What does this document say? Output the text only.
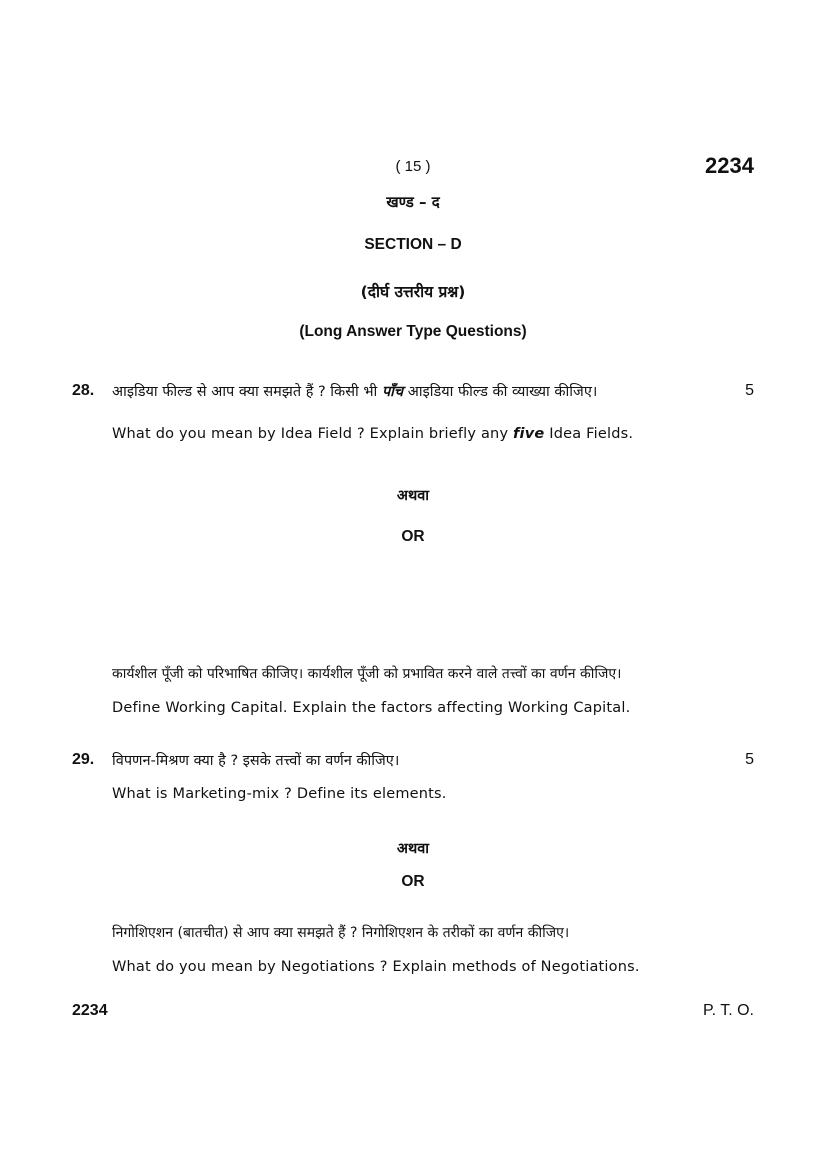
( 15 )	2234
खण्ड – द
SECTION – D
(दीर्घ उत्तरीय प्रश्न)
(Long Answer Type Questions)
28. आइडिया फील्ड से आप क्या समझते हैं ? किसी भी पाँच आइडिया फील्ड की व्याख्या कीजिए।	5
What do you mean by Idea Field ? Explain briefly any five Idea Fields.
अथवा
OR
कार्यशील पूँजी को परिभाषित कीजिए। कार्यशील पूँजी को प्रभावित करने वाले तत्त्वों का वर्णन कीजिए।
Define Working Capital. Explain the factors affecting Working Capital.
29. विपणन-मिश्रण क्या है ? इसके तत्त्वों का वर्णन कीजिए।	5
What is Marketing-mix ? Define its elements.
अथवा
OR
निगोशिएशन (बातचीत) से आप क्या समझते हैं ? निगोशिएशन के तरीकों का वर्णन कीजिए।
What do you mean by Negotiations ? Explain methods of Negotiations.
2234	P. T. O.
